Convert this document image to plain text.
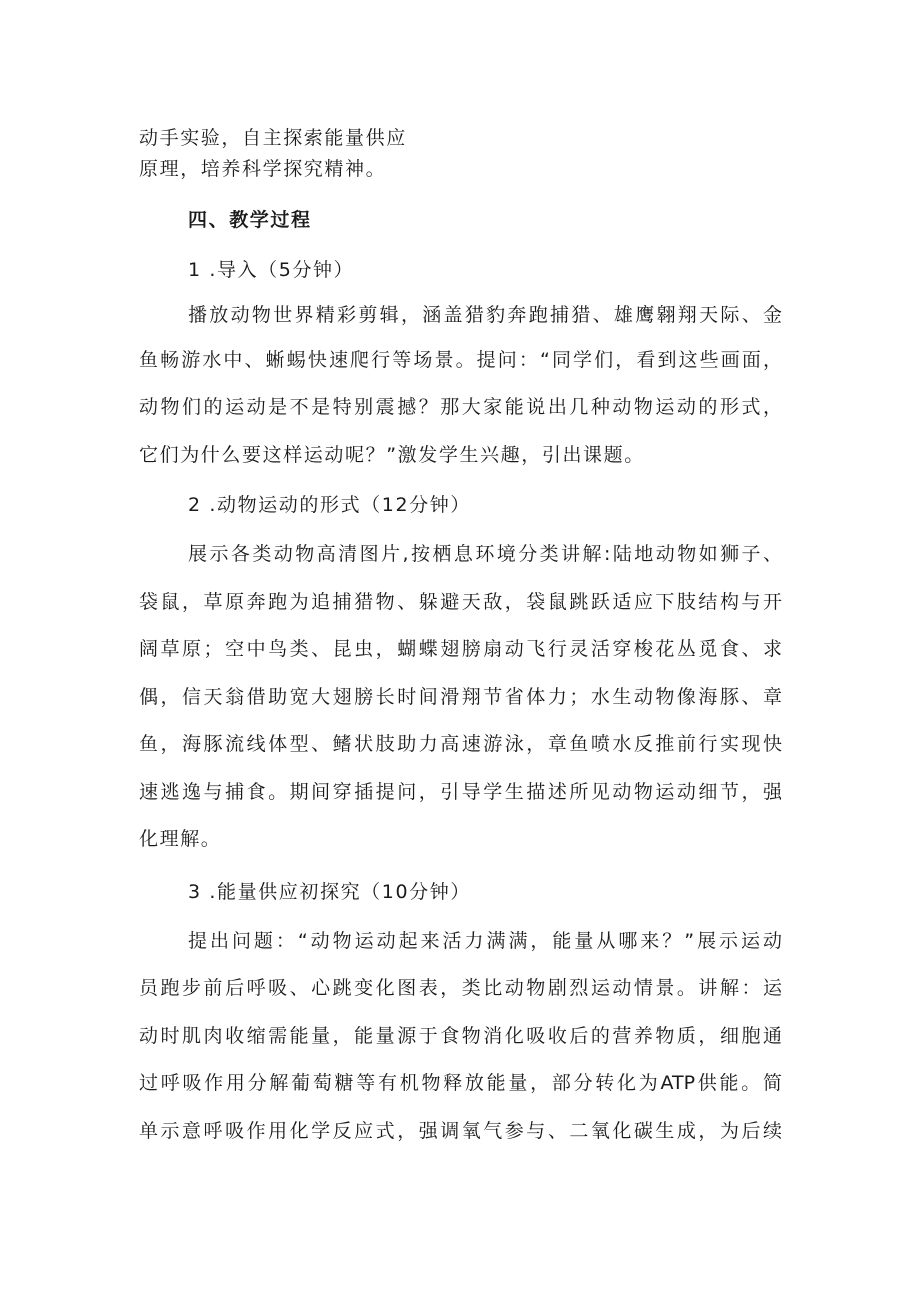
动手实验，自主探索能量供应
原理，培养科学探究精神。
四、教学过程
1 .导入（5分钟）
播放动物世界精彩剪辑，涵盖猎豹奔跑捕猎、雄鹰翱翔天际、金
鱼畅游水中、蜥蜴快速爬行等场景。提问：“同学们，看到这些画面，
动物们的运动是不是特别震撼？那大家能说出几种动物运动的形式，
它们为什么要这样运动呢？”激发学生兴趣，引出课题。
2 .动物运动的形式（12分钟）
展示各类动物高清图片,按栖息环境分类讲解:陆地动物如狮子、
袋鼠，草原奔跑为追捕猎物、躲避天敌，袋鼠跳跃适应下肢结构与开
阔草原；空中鸟类、昆虫，蝴蝶翅膀扇动飞行灵活穿梭花丛觅食、求
偶，信天翁借助宽大翅膀长时间滑翔节省体力；水生动物像海豚、章
鱼，海豚流线体型、鳍状肢助力高速游泳，章鱼喷水反推前行实现快
速逃逸与捕食。期间穿插提问，引导学生描述所见动物运动细节，强
化理解。
3 .能量供应初探究（10分钟）
提出问题：“动物运动起来活力满满，能量从哪来？”展示运动
员跑步前后呼吸、心跳变化图表，类比动物剧烈运动情景。讲解：运
动时肌肉收缩需能量，能量源于食物消化吸收后的营养物质，细胞通
过呼吸作用分解葡萄糖等有机物释放能量，部分转化为ATP供能。简
单示意呼吸作用化学反应式，强调氧气参与、二氧化碳生成，为后续
